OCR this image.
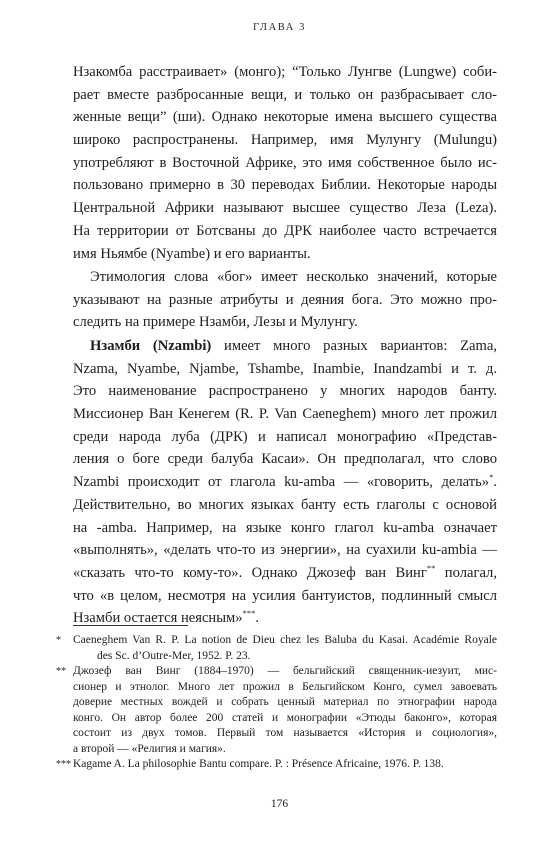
ГЛАВА 3
Нзакомба расстраивает» (монго); “Только Лунгве (Lungwe) соби-
рает вместе разбросанные вещи, и только он разбрасывает сло-
женные вещи” (ши). Однако некоторые имена высшего существа
широко распространены. Например, имя Мулунгу (Mulungu)
употребляют в Восточной Африке, это имя собственное было ис-
пользовано примерно в 30 переводах Библии. Некоторые народы
Центральной Африки называют высшее существо Леза (Leza).
На территории от Ботсваны до ДРК наиболее часто встречается
имя Ньямбе (Nyambe) и его варианты.
Этимология слова «бог» имеет несколько значений, которые
указывают на разные атрибуты и деяния бога. Это можно про-
следить на примере Нзамби, Лезы и Мулунгу.
Нзамби (Nzambi) имеет много разных вариантов: Zama,
Nzama, Nyambe, Njambe, Tshambe, Inambie, Inandzambi и т. д.
Это наименование распространено у многих народов банту.
Миссионер Ван Кенегем (R. P. Van Caeneghem) много лет прожил
среди народа луба (ДРК) и написал монографию «Представ-
ления о боге среди балуба Касаи». Он предполагал, что слово
Nzambi происходит от глагола ku-amba — «говорить, делать»*.
Действительно, во многих языках банту есть глаголы с основой
на -amba. Например, на языке конго глагол ku-amba означает
«выполнять», «делать что-то из энергии», на суахили ku-ambia —
«сказать что-то кому-то». Однако Джозеф ван Винг** полагал,
что «в целом, несмотря на усилия бантуистов, подлинный смысл
Нзамби остается неясным»***.
* Caeneghem Van R. P. La notion de Dieu chez les Baluba du Kasai. Académie Royale
des Sc. d’Outre-Mer, 1952. P. 23.
** Джозеф ван Винг (1884–1970) — бельгийский священник-иезуит, мис-
сионер и этнолог. Много лет прожил в Бельгийском Конго, сумел завоевать
доверие местных вождей и собрать ценный материал по этнографии народа
конго. Он автор более 200 статей и монографии «Этюды баконго», которая
состоит из двух томов. Первый том называется «История и социология»,
а второй — «Религия и магия».
*** Kagame A. La philosophie Bantu compare. P. : Présence Africaine, 1976. P. 138.
176
